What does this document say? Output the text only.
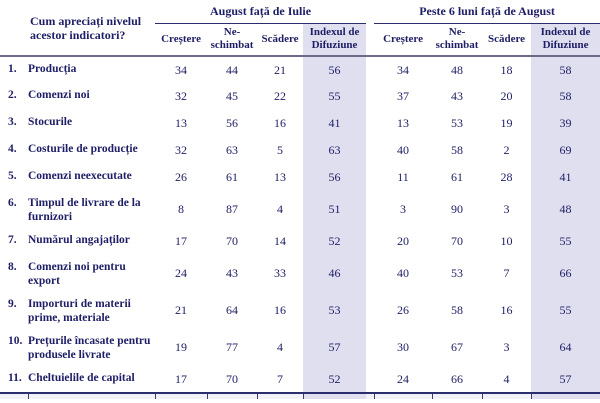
Cum apreciați nivelul acestor indicatori?		August față de Iulie					Peste 6 luni față de August			
		Creștere	Ne-schimbat	Scădere	Indexul de Difuziune		Creștere	Ne-schimbat	Scădere	Indexul de Difuziune
1.	Producția	34	44	21	56		34	48	18	58
2.	Comenzi noi	32	45	22	55		37	43	20	58
3.	Stocurile	13	56	16	41		13	53	19	39
4.	Costurile de producție	32	63	5	63		40	58	2	69
5.	Comenzi neexecutate	26	61	13	56		11	61	28	41
6.	Timpul de livrare de la furnizori	8	87	4	51		3	90	3	48
7.	Numărul angajaților	17	70	14	52		20	70	10	55
8.	Comenzi noi pentru export	24	43	33	46		40	53	7	66
9.	Importuri de materii prime, materiale	21	64	16	53		26	58	16	55
10.	Prețurile încasate pentru produsele livrate	19	77	4	57		30	67	3	64
11.	Cheltuielile de capital	17	70	7	52		24	66	4	57
